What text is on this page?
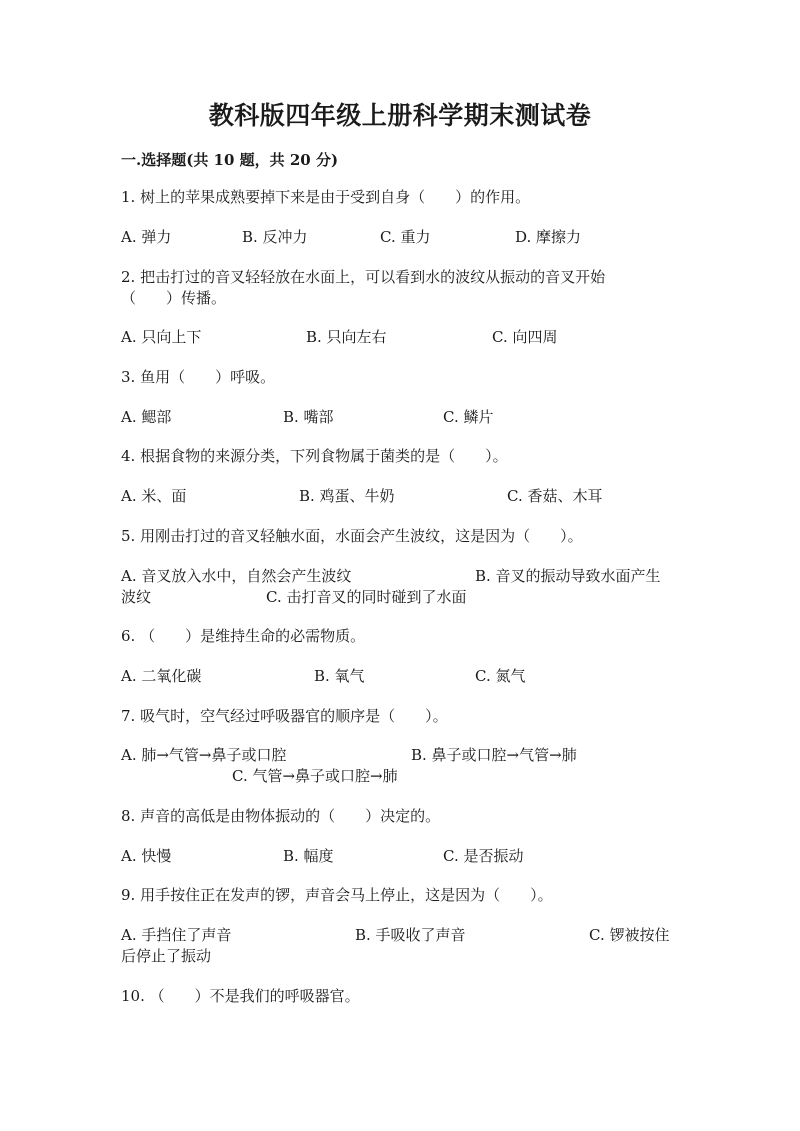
教科版四年级上册科学期末测试卷
一.选择题(共 10 题，共 20 分)
1. 树上的苹果成熟要掉下来是由于受到自身（　　）的作用。
A. 弹力	B. 反冲力	C. 重力	D. 摩擦力
2. 把击打过的音叉轻轻放在水面上，可以看到水的波纹从振动的音叉开始
（　　）传播。
A. 只向上下	B. 只向左右	C. 向四周
3. 鱼用（　　）呼吸。
A. 鳃部	B. 嘴部	C. 鳞片
4. 根据食物的来源分类，下列食物属于菌类的是（　　）。
A. 米、面	B. 鸡蛋、牛奶	C. 香菇、木耳
5. 用刚击打过的音叉轻触水面，水面会产生波纹，这是因为（　　）。
A. 音叉放入水中，自然会产生波纹	B. 音叉的振动导致水面产生
波纹	C. 击打音叉的同时碰到了水面
6. （　　）是维持生命的必需物质。
A. 二氧化碳	B. 氧气	C. 氮气
7. 吸气时，空气经过呼吸器官的顺序是（　　）。
A. 肺→气管→鼻子或口腔	B. 鼻子或口腔→气管→肺
C. 气管→鼻子或口腔→肺
8. 声音的高低是由物体振动的（　　）决定的。
A. 快慢	B. 幅度	C. 是否振动
9. 用手按住正在发声的锣，声音会马上停止，这是因为（　　）。
A. 手挡住了声音	B. 手吸收了声音	C. 锣被按住
后停止了振动
10. （　　）不是我们的呼吸器官。
